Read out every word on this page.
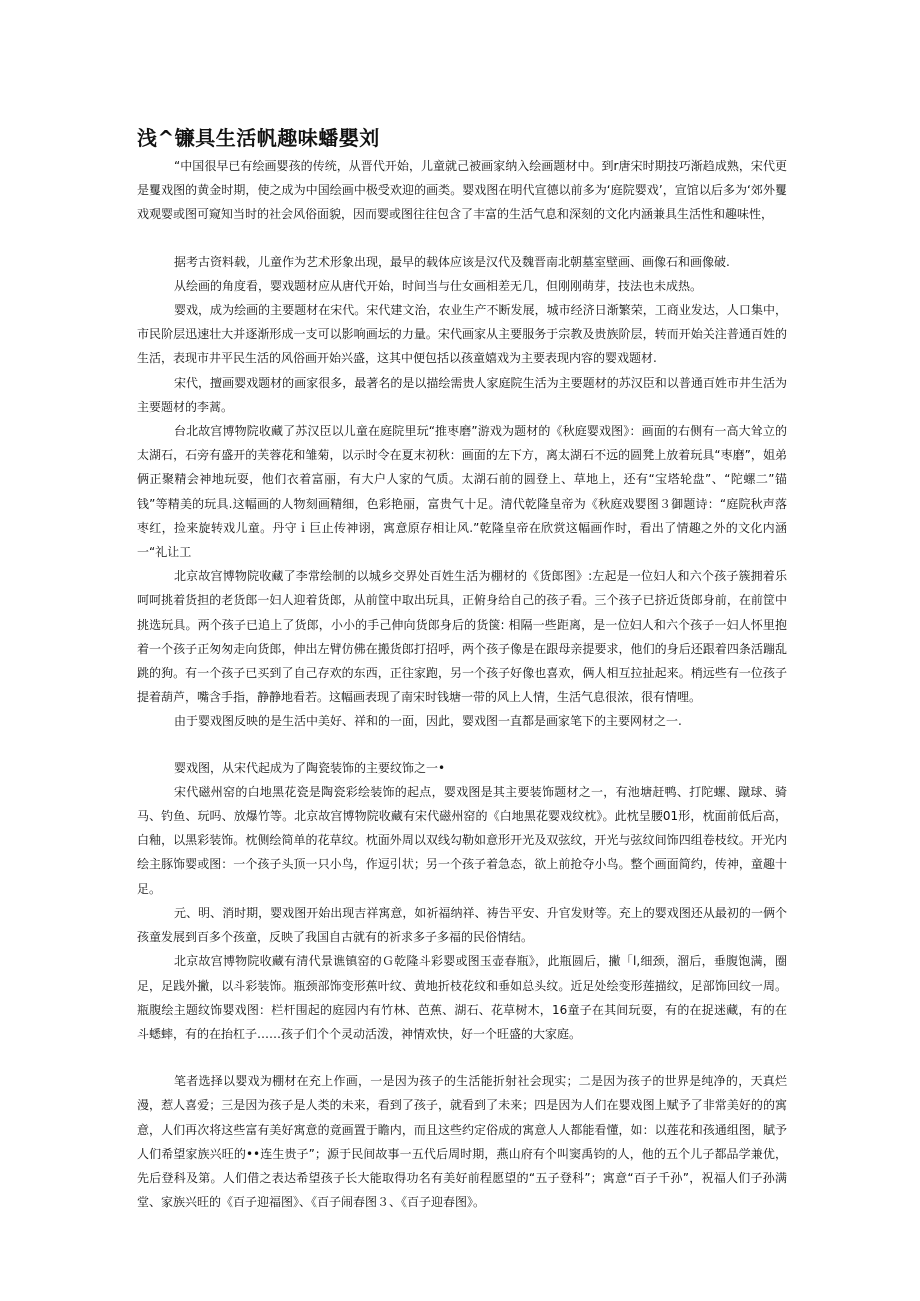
浅^镰具生活帆趣味蟠嬰刘

“中国很早已有绘画婴孩的传统，从晋代开始，儿童就己被画家纳入绘画题材中。到r唐宋时期技巧渐趋成熟，宋代更是矍戏图的黄金时期，使之成为中国绘画中极受欢迎的画类。婴戏图在明代宣德以前多为‘庭院婴戏’，宣馆以后多为‘郊外矍戏观婴或图可窥知当时的社会风俗面貌，因而婴或图往往包含了丰富的生活气息和深刻的文化内涵兼具生活性和趣味性，

据考古资料载，儿童作为艺术形象出现，最早的载体应该是汉代及魏晋南北朝墓室壁画、画像石和画像破.

从绘画的角度看，婴戏题材应从唐代开始，时间当与仕女画相差无几，但刚刚萌芽，技法也未成热。

婴戏，成为绘画的主要题材在宋代。宋代建文治，农业生产不断发展，城市经济日渐繁荣，工商业发达，人口集中，市民阶层迅速壮大并逐渐形成一支可以影响画坛的力量。宋代画家从主要服务于宗教及贵族阶层，转而开始关注普通百姓的生活，表现市井平民生活的风俗画开始兴盛，这其中便包括以孩童嬉戏为主要表现内容的婴戏题材.

宋代，擅画婴戏题材的画家很多，最著名的是以描绘需贵人家庭院生活为主要题材的苏汉臣和以普通百姓市井生活为主要题材的李蒿。

台北故宫博物院收藏了苏汉臣以儿童在庭院里玩“推枣磨”游戏为题材的《秋庭婴戏图》：画面的右侧有一高大耸立的太湖石，石旁有盛开的芙蓉花和雏菊，以示时令在夏末初秋：画面的左下方，离太湖石不远的圆凳上放着玩具“枣磨”，姐弟俩正聚精会神地玩耍，他们衣着富丽，有大户人家的气质。太湖石前的圆登上、草地上，还有“宝塔轮盘”、“陀螺二”锚钱”等精美的玩具.这幅画的人物刻画精细，色彩艳丽，富贵气十足。清代乾隆皇帝为《秋庭戏婴图３御题诗：“庭院秋声落枣红，捡来旋转戏儿童。丹守ｉ巨止传神诩，寓意原存相让风.”乾隆皇帝在欣赏这幅画作时，看出了情趣之外的文化内涵一“礼让工

北京故宫博物院收藏了李常绘制的以城乡交界处百姓生活为棚材的《货郎图》:左起是一位妇人和六个孩子簇拥着乐呵呵挑着货担的老货郎一妇人迎着货郎，从前筐中取出玩具，正俯身给自己的孩子看。三个孩子已挤近货郎身前，在前筐中挑选玩具。两个孩子已追上了货郎，小小的手己伸向货郎身后的货箧: 相隔一些距离，是一位妇人和六个孩子一妇人怀里抱着一个孩子正匆匆走向货郎，伸出左臂仿佛在搬货郎打招呼，两个孩子像是在跟母亲提要求，他们的身后还跟着四条活蹦乱跳的狗。有一个孩子已买到了自己存欢的东西，正往家跑，另一个孩子好像也喜欢，俩人相互拉扯起来。梢远些有一位孩子提着葫芦，嘴含手指，静静地看若。这幅画表现了南宋时钱塘一带的风上人情，生活气息很浓，很有情哩。

由于婴戏图反映的是生活中美好、祥和的一面，因此，婴戏图一直都是画家笔下的主要网材之一.

婴戏图，从宋代起成为了陶瓷装饰的主要纹饰之一•

宋代磁州窑的白地黑花瓷是陶瓷彩绘装饰的起点，婴戏图是其主要装饰题材之一，有池塘赶鸭、打陀螺、蹴球、骑马、钓鱼、玩吗、放爆竹等。北京故宫博物院收藏有宋代磁州窑的《白地黑花婴戏纹枕》。此枕呈腰01形，枕面前低后高，白釉，以黑彩装饰。枕侧绘简单的花草纹。枕面外周以双线勾勒如意形开光及双弦纹，开光与弦纹间饰四组卷枝纹。开光内绘主豚饰婴或图：一个孩子头顶一只小鸟，作逗引状；另一个孩子着急态，欲上前抢夺小鸟。整个画面简约，传神，童趣十足。

元、明、消时期，婴戏图开始出现吉祥寓意，如祈福纳祥、祷告平安、升官发财等。充上的婴戏图还从最初的一俩个孩童发展到百多个孩童，反映了我国自古就有的祈求多子多福的民俗情结。

北京故宫博物院收藏有清代景谯镇窑的Ｇ乾隆斗彩婴或图玉壶春瓶》，此瓶圆后，撇「l,细颈，溜后，垂腹饱满，圈足，足践外撇，以斗彩装饰。瓶颈部饰变形蕉叶纹、黄地折枝花纹和垂如总头纹。近足处绘变形莲描纹，足部饰回纹一周。瓶腹绘主题纹饰婴戏图：栏杆围起的庭园内有竹林、芭蕉、湖石、花草树木，16童子在其间玩耍，有的在捉迷藏，有的在斗蟋蟀，有的在抬杠子……孩子们个个灵动活泼，神情欢快，好一个旺盛的大家庭。

笔者选择以婴戏为棚材在充上作画，一是因为孩子的生活能折射社会现实；二是因为孩子的世界是纯净的，天真烂漫，惹人喜爱；三是因为孩子是人类的未来，看到了孩子，就看到了未来；四是因为人们在婴戏图上赋予了非常美好的的寓意，人们再次将这些富有美好寓意的竟画置于瞻内，而且这些约定俗成的寓意人人都能看懂，如：以莲花和孩通组图，賦予人们希望家族兴旺的••连生贵子”；源于民间故事一五代后周时期，燕山府有个叫窦禹钧的人，他的五个儿子都品学兼优，先后登科及第。人们借之表达希望孩子长大能取得功名有美好前程愿望的“五子登科”；寓意“百子千孙”，祝福人们子孙满堂、家族兴旺的《百子迎福图》、《百子闹春图３、《百子迎春图》。
